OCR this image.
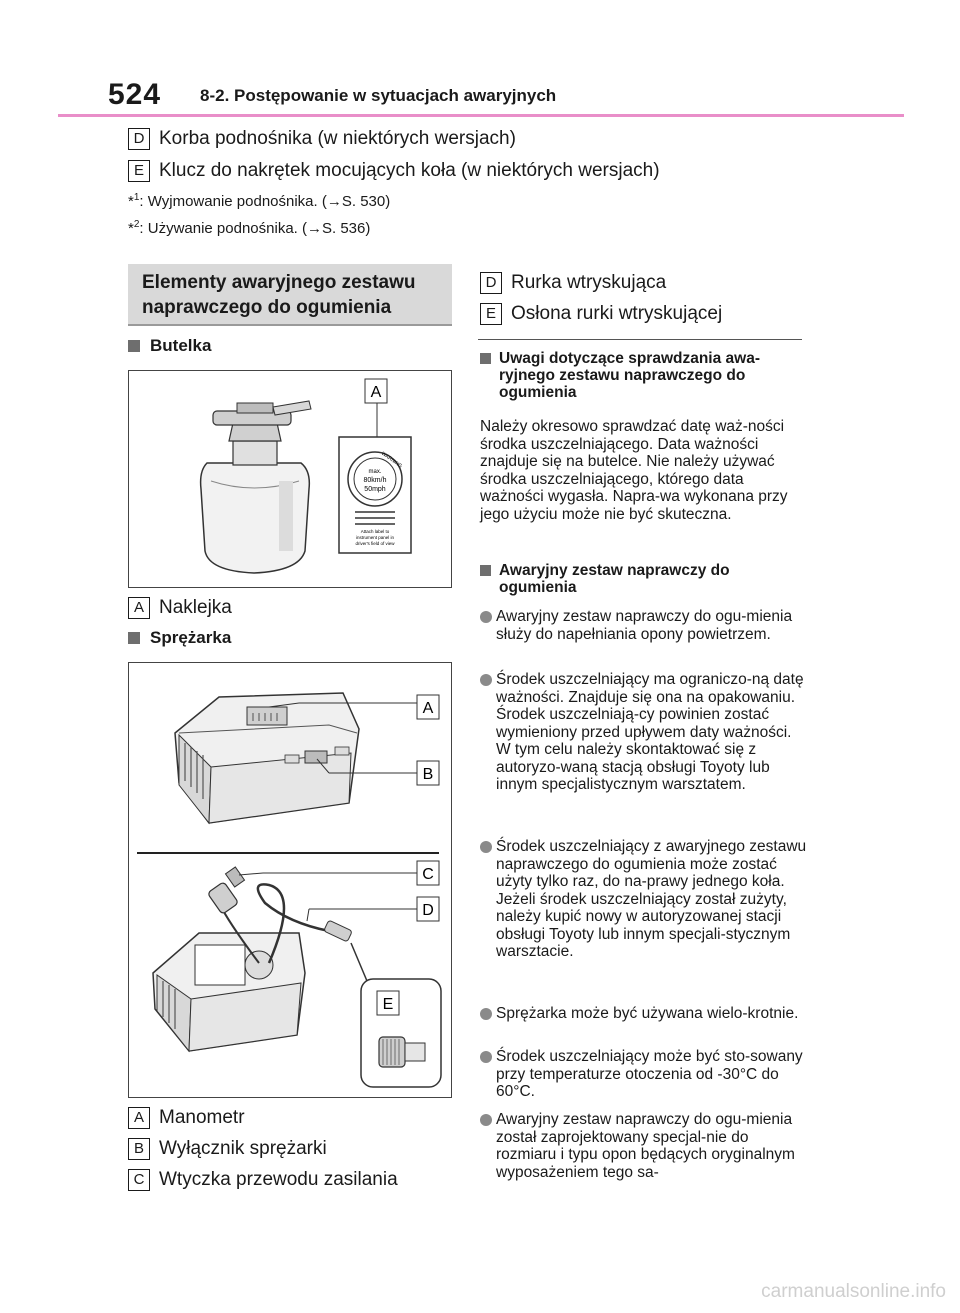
524 8-2. Postępowanie w sytuacjach awaryjnych
D Korba podnośnika (w niektórych wersjach)
E Klucz do nakrętek mocujących koła (w niektórych wersjach)
*$^1$: Wyjmowanie podnośnika. (→S. 530)
*$^2$: Używanie podnośnika. (→S. 536)
Elementy awaryjnego zestawu
naprawczego do ogumienia
Butelka
max.
80km/h
50mph
WARNING
Attach label to
instrument panel in
driver's field of view
A
A Naklejka
Sprężarka
A
B
C
D
E
A Manometr
B Wyłącznik sprężarki
C Wtyczka przewodu zasilania
D Rurka wtryskująca
E Osłona rurki wtryskującej
Uwagi dotyczące sprawdzania awa-ryjnego zestawu naprawczego do ogumienia
Należy okresowo sprawdzać datę waż-ności środka uszczelniającego. Data ważności znajduje się na butelce. Nie należy używać środka uszczelniającego, którego data ważności wygasła. Napra-wa wykonana przy jego użyciu może nie być skuteczna.
Awaryjny zestaw naprawczy do ogumienia
Awaryjny zestaw naprawczy do ogu-mienia służy do napełniania opony powietrzem.
Środek uszczelniający ma ograniczo-ną datę ważności. Znajduje się ona na opakowaniu. Środek uszczelniają-cy powinien zostać wymieniony przed upływem daty ważności. W tym celu należy skontaktować się z autoryzo-waną stacją obsługi Toyoty lub innym specjalistycznym warsztatem.
Środek uszczelniający z awaryjnego zestawu naprawczego do ogumienia może zostać użyty tylko raz, do na-prawy jednego koła. Jeżeli środek uszczelniający został zużyty, należy kupić nowy w autoryzowanej stacji obsługi Toyoty lub innym specjali-stycznym warsztacie.
Sprężarka może być używana wielo-krotnie.
Środek uszczelniający może być sto-sowany przy temperaturze otoczenia od -30°C do 60°C.
Awaryjny zestaw naprawczy do ogu-mienia został zaprojektowany specjal-nie do rozmiaru i typu opon będących oryginalnym wyposażeniem tego sa-
carmanualsonline.info
